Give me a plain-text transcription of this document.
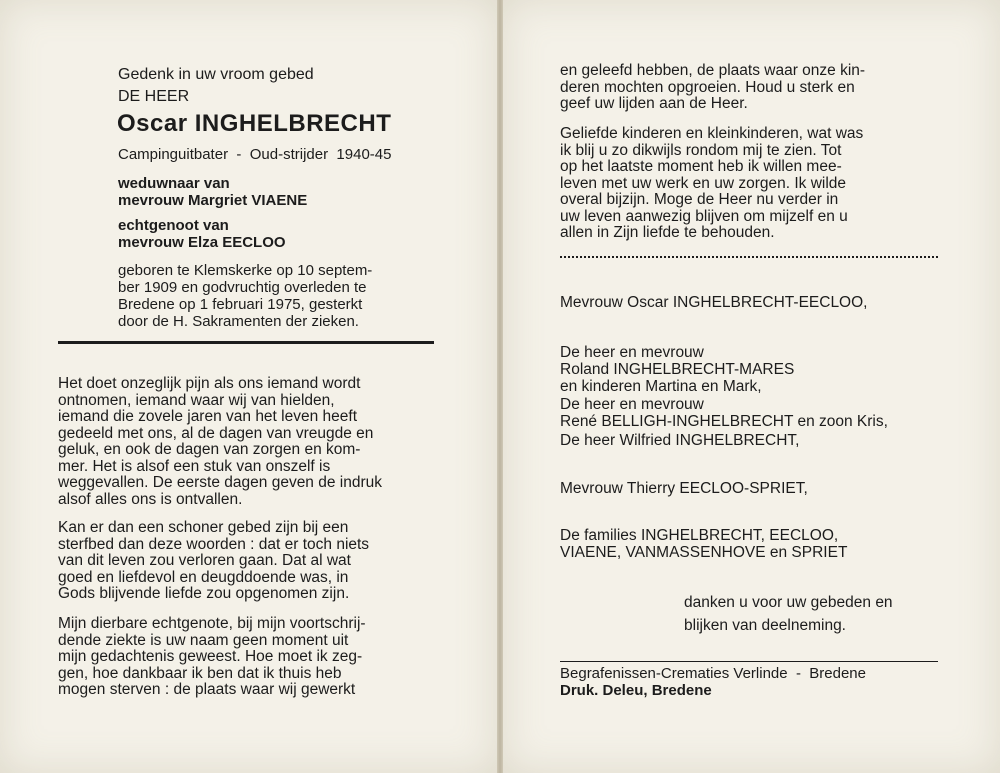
Gedenk in uw vroom gebed
DE HEER
Oscar INGHELBRECHT
Campinguitbater  -  Oud-strijder  1940-45
weduwnaar van
mevrouw Margriet VIAENE
echtgenoot van
mevrouw Elza EECLOO
geboren te Klemskerke op 10 septem-
ber 1909 en godvruchtig overleden te
Bredene op 1 februari 1975, gesterkt
door de H. Sakramenten der zieken.
Het doet onzeglijk pijn als ons iemand wordt
ontnomen, iemand waar wij van hielden,
iemand die zovele jaren van het leven heeft
gedeeld met ons, al de dagen van vreugde en
geluk, en ook de dagen van zorgen en kom-
mer. Het is alsof een stuk van onszelf is
weggevallen. De eerste dagen geven de indruk
alsof alles ons is ontvallen.
Kan er dan een schoner gebed zijn bij een
sterfbed dan deze woorden : dat er toch niets
van dit leven zou verloren gaan. Dat al wat
goed en liefdevol en deugddoende was, in
Gods blijvende liefde zou opgenomen zijn.
Mijn dierbare echtgenote, bij mijn voortschrij-
dende ziekte is uw naam geen moment uit
mijn gedachtenis geweest. Hoe moet ik zeg-
gen, hoe dankbaar ik ben dat ik thuis heb
mogen sterven : de plaats waar wij gewerkt
en geleefd hebben, de plaats waar onze kin-
deren mochten opgroeien. Houd u sterk en
geef uw lijden aan de Heer.
Geliefde kinderen en kleinkinderen, wat was
ik blij u zo dikwijls rondom mij te zien. Tot
op het laatste moment heb ik willen mee-
leven met uw werk en uw zorgen. Ik wilde
overal bijzijn. Moge de Heer nu verder in
uw leven aanwezig blijven om mijzelf en u
allen in Zijn liefde te behouden.
Mevrouw Oscar INGHELBRECHT-EECLOO,
De heer en mevrouw
Roland INGHELBRECHT-MARES
en kinderen Martina en Mark,
De heer en mevrouw
René BELLIGH-INGHELBRECHT en zoon Kris,
De heer Wilfried INGHELBRECHT,
Mevrouw Thierry EECLOO-SPRIET,
De families INGHELBRECHT, EECLOO,
VIAENE, VANMASSENHOVE en SPRIET
danken u voor uw gebeden en
blijken van deelneming.
Begrafenissen-Crematies Verlinde  -  Bredene
Druk. Deleu, Bredene
